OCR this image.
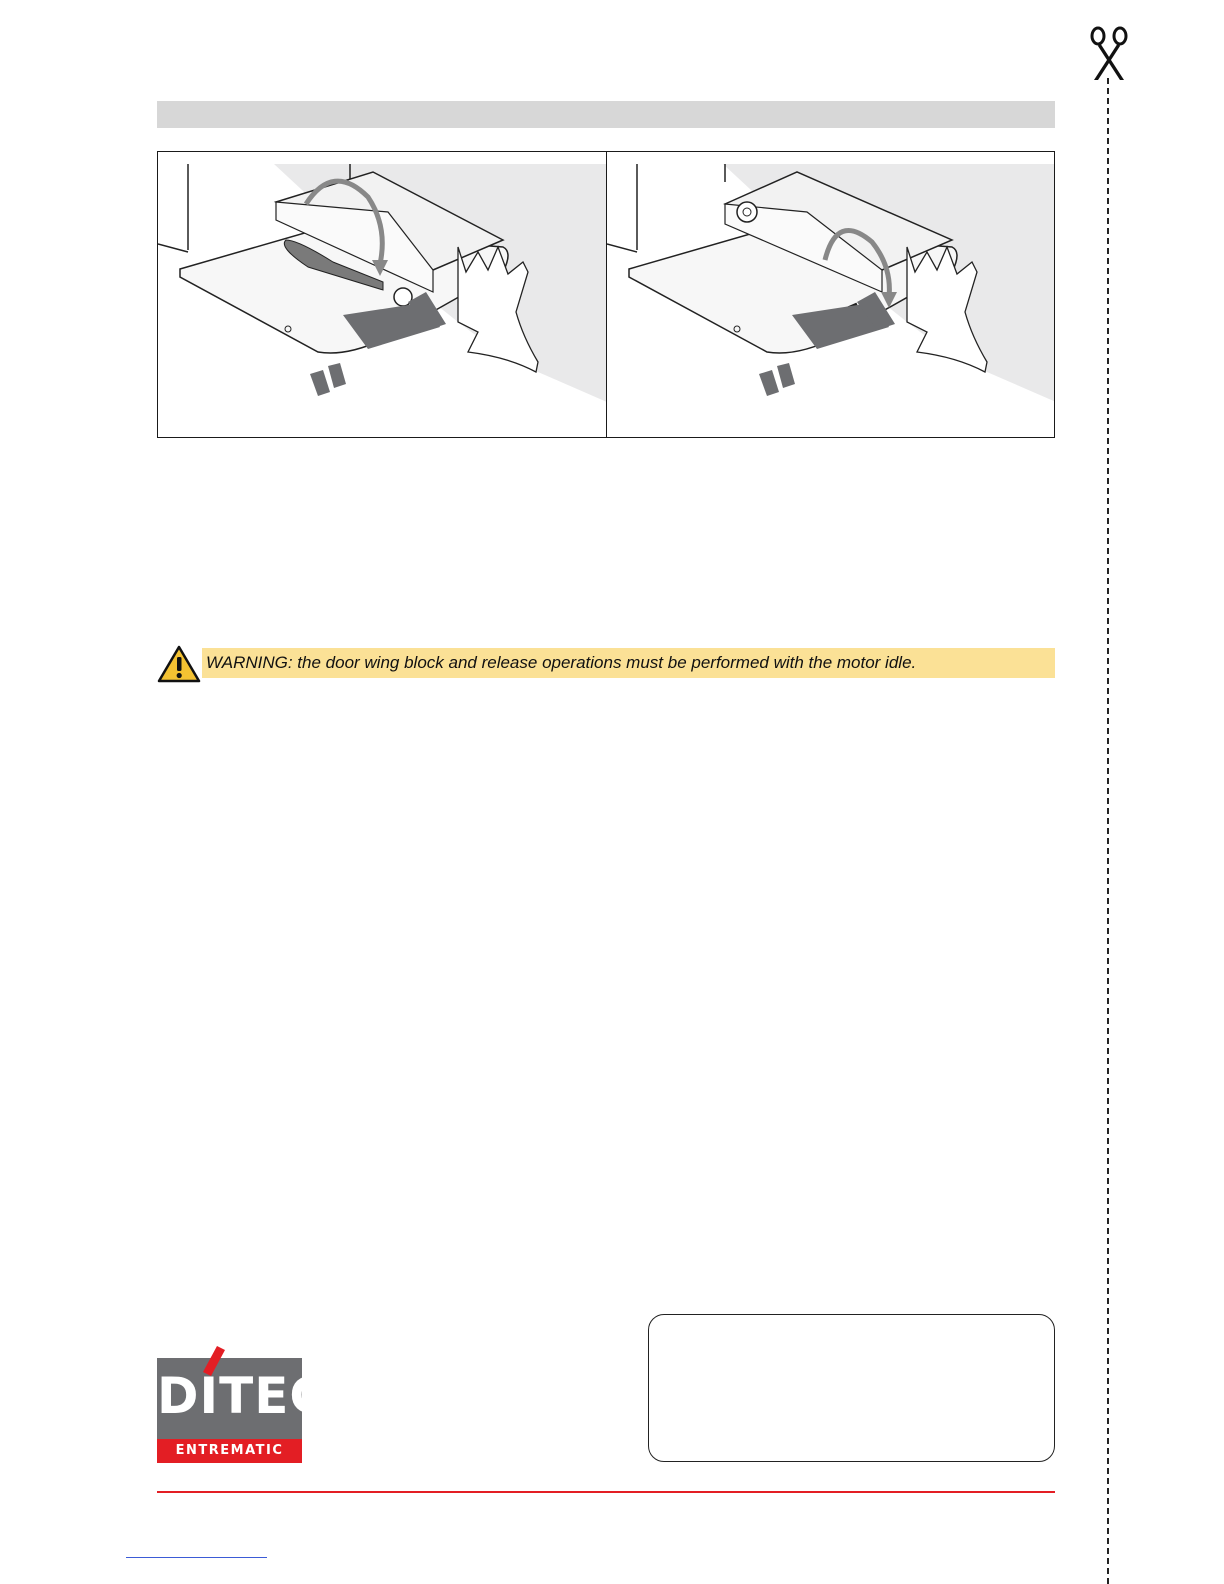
WARNING: the door wing block and release operations must be performed with the motor idle.
DITEC
ENTREMATIC
